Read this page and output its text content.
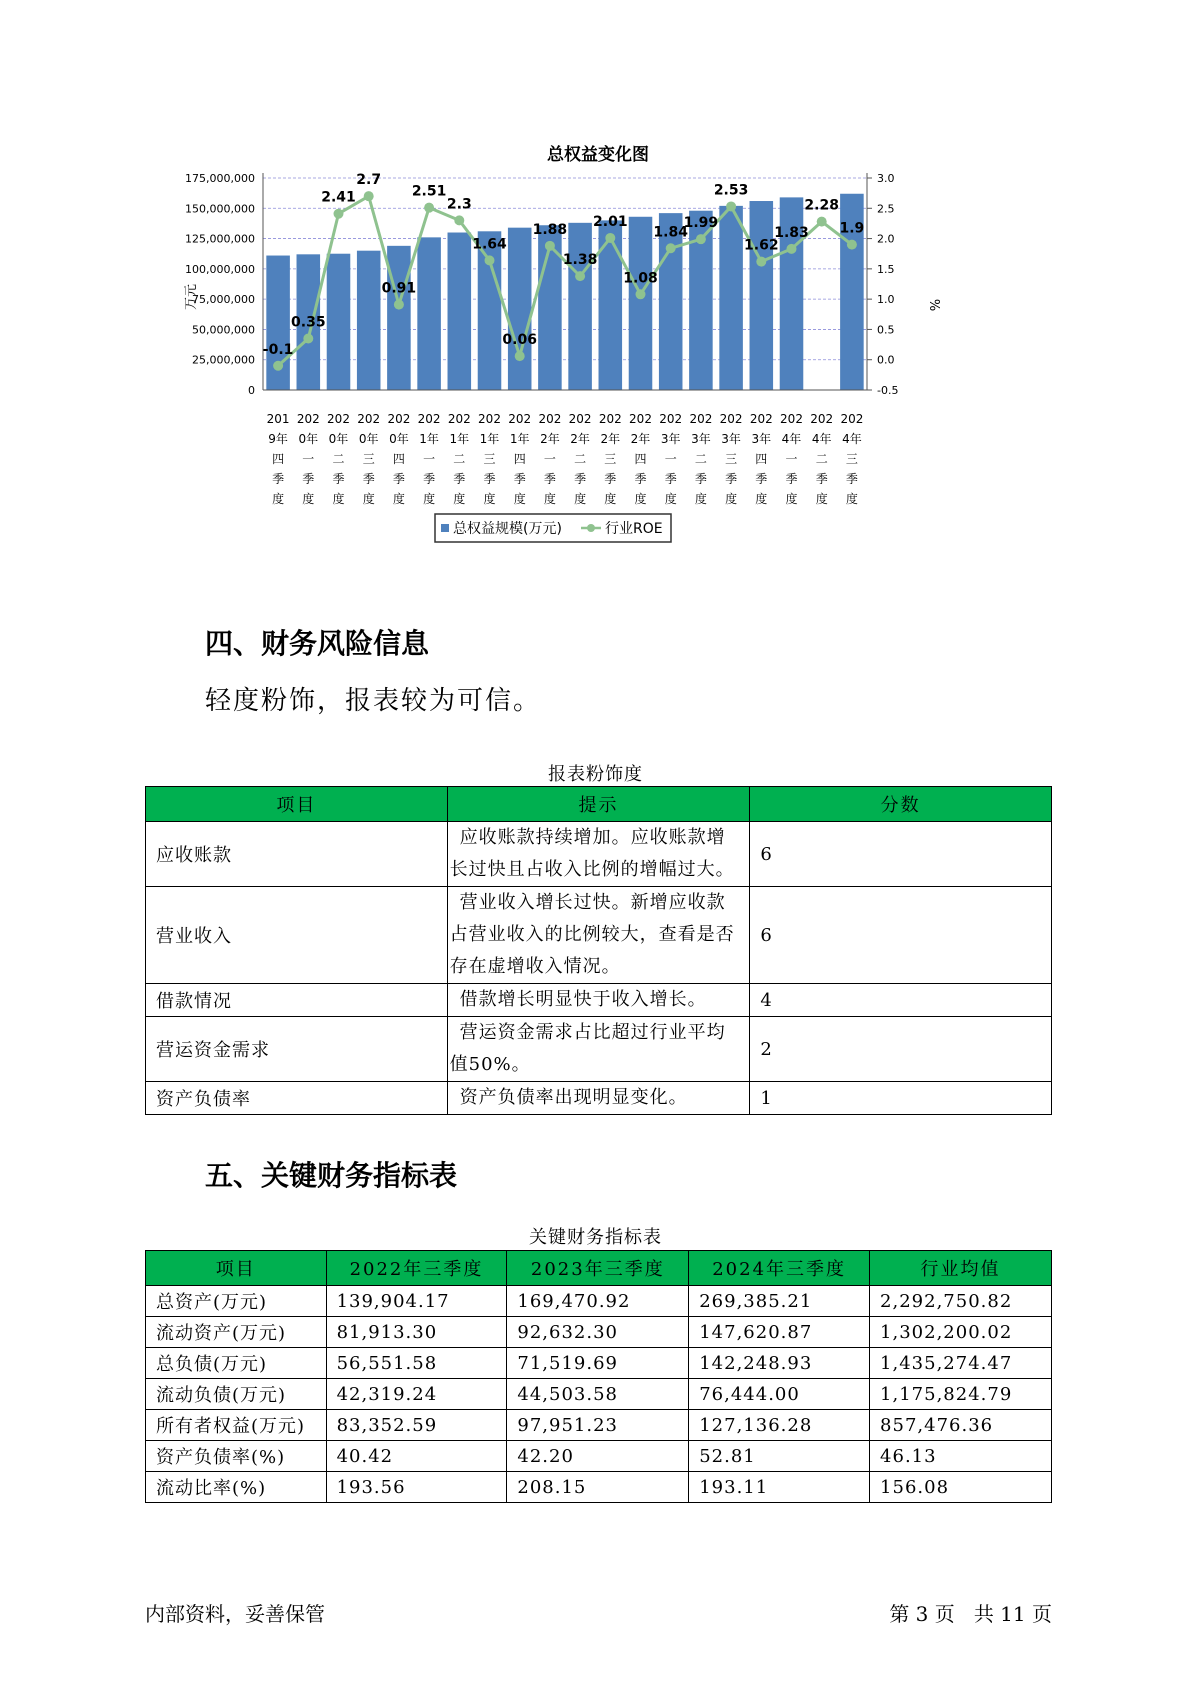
总权益变化图
0
25,000,000
50,000,000
75,000,000
100,000,000
125,000,000
150,000,000
175,000,000
-0.5
0.0
0.5
1.0
1.5
2.0
2.5
3.0
-0.1
0.35
2.41
2.7
0.91
2.51
2.3
1.64
0.06
1.88
1.38
2.01
1.08
1.84
1.99
2.53
1.62
1.83
2.28
1.9
201
9年
四
季
度
202
0年
一
季
度
202
0年
二
季
度
202
0年
三
季
度
202
0年
四
季
度
202
1年
一
季
度
202
1年
二
季
度
202
1年
三
季
度
202
1年
四
季
度
202
2年
一
季
度
202
2年
二
季
度
202
2年
三
季
度
202
2年
四
季
度
202
3年
一
季
度
202
3年
二
季
度
202
3年
三
季
度
202
3年
四
季
度
202
4年
一
季
度
202
4年
二
季
度
202
4年
三
季
度
万元	%
总权益规模(万元)	行业ROE
四、财务风险信息

轻度粉饰，报表较为可信。

报表粉饰度
项目	提示	分数
应收账款	应收账款持续增加。应收账款增
长过快且占收入比例的增幅过大。	6
营业收入	营业收入增长过快。新增应收款
占营业收入的比例较大，查看是否
存在虚增收入情况。	6
借款情况	借款增长明显快于收入增长。	4
营运资金需求	营运资金需求占比超过行业平均
值50%。	2
资产负债率	资产负债率出现明显变化。	1
五、关键财务指标表
关键财务指标表
项目	2022年三季度	2023年三季度	2024年三季度	行业均值
总资产(万元)	139,904.17	169,470.92	269,385.21	2,292,750.82
流动资产(万元)	81,913.30	92,632.30	147,620.87	1,302,200.02
总负债(万元)	56,551.58	71,519.69	142,248.93	1,435,274.47
流动负债(万元)	42,319.24	44,503.58	76,444.00	1,175,824.79
所有者权益(万元)	83,352.59	97,951.23	127,136.28	857,476.36
资产负债率(%)	40.42	42.20	52.81	46.13
流动比率(%)	193.56	208.15	193.11	156.08
内部资料，妥善保管	第 3 页   共 11 页
